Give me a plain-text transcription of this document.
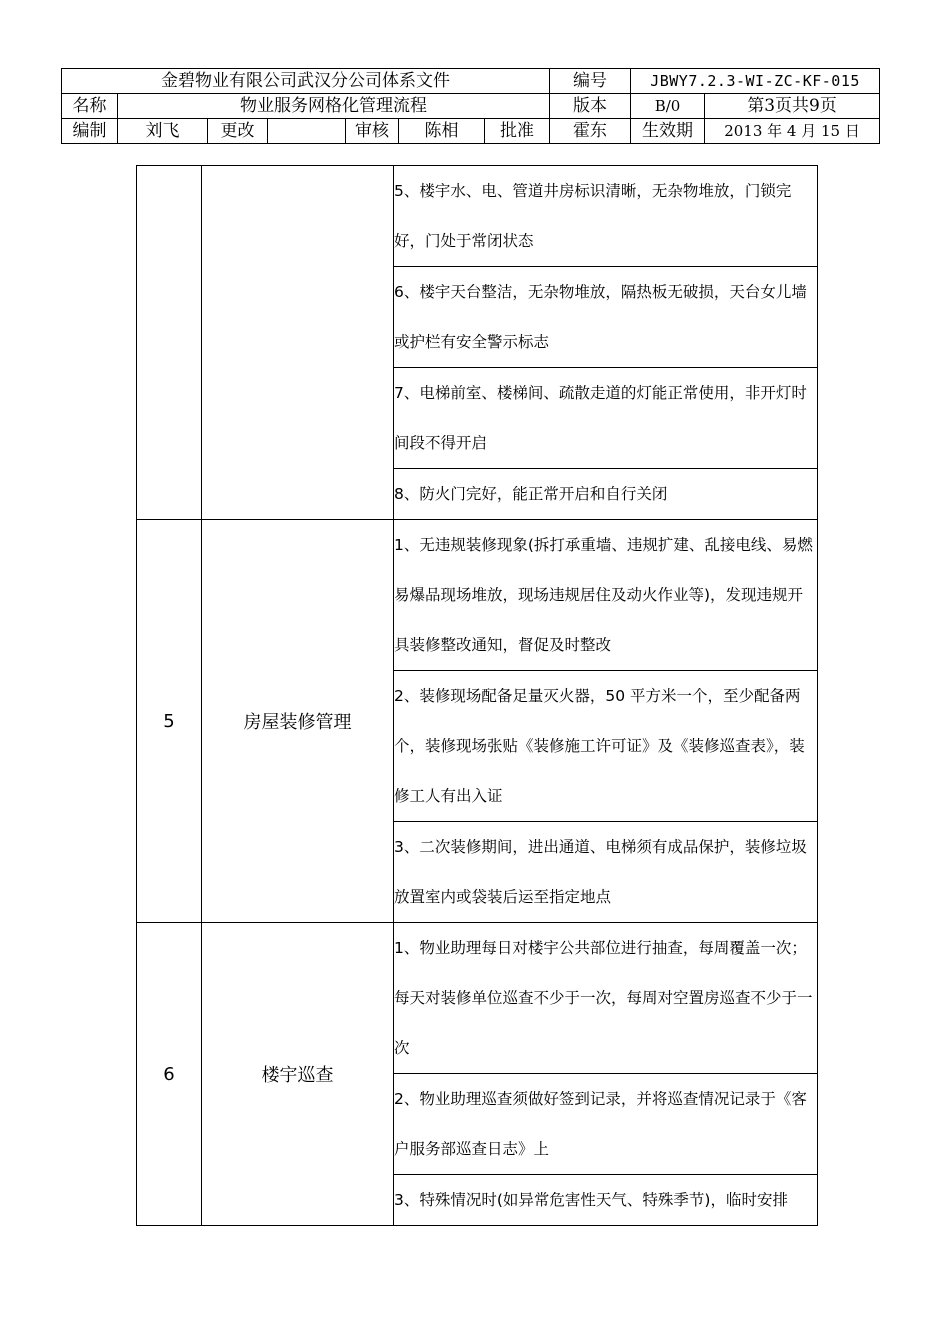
金碧物业有限公司武汉分公司体系文件							编号	JBWY7.2.3-WI-ZC-KF-015	
名称	物业服务网格化管理流程						版本	B/0	第3页共9页
编制	刘飞	更改		审核	陈相	批准	霍东	生效期	2013 年 4 月 15 日

		5、楼宇水、电、管道井房标识清晰，无杂物堆放，门锁完好，门处于常闭状态

6、楼宇天台整洁，无杂物堆放，隔热板无破损，天台女儿墙或护栏有安全警示标志

7、电梯前室、楼梯间、疏散走道的灯能正常使用，非开灯时间段不得开启

8、防火门完好，能正常开启和自行关闭

5	房屋装修管理	1、无违规装修现象(拆打承重墙、违规扩建、乱接电线、易燃易爆品现场堆放，现场违规居住及动火作业等)，发现违规开具装修整改通知，督促及时整改

2、装修现场配备足量灭火器，50 平方米一个，至少配备两个，装修现场张贴《装修施工许可证》及《装修巡查表》，装修工人有出入证

3、二次装修期间，进出通道、电梯须有成品保护，装修垃圾放置室内或袋装后运至指定地点

6	楼宇巡查	1、物业助理每日对楼宇公共部位进行抽查，每周覆盖一次；每天对装修单位巡查不少于一次，每周对空置房巡查不少于一次

2、物业助理巡查须做好签到记录，并将巡查情况记录于《客户服务部巡查日志》上

3、特殊情况时(如异常危害性天气、特殊季节)，临时安排
